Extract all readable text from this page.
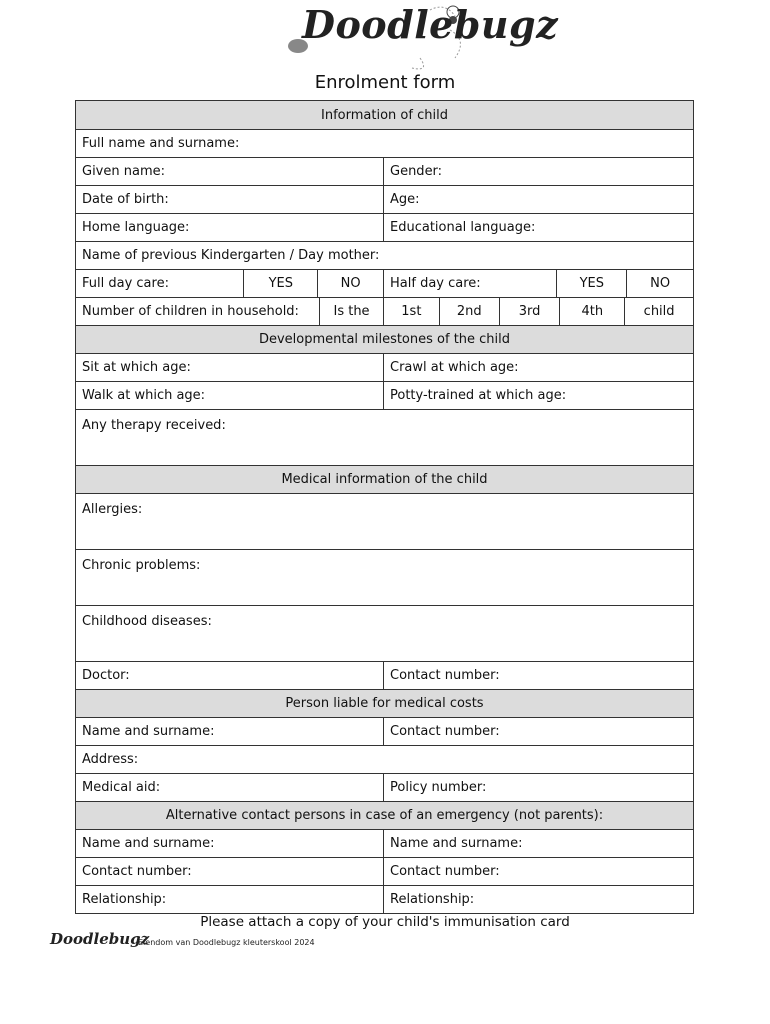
Doodlebugz
Enrolment form
Information of child
Full name and surname:
Given name:	Gender:
Date of birth:	Age:
Home language:	Educational language:
Name of previous Kindergarten / Day mother:
Full day care:	YES	NO	Half day care:	YES	NO
Number of children in household:	Is the	1st	2nd	3rd	4th	child
Developmental milestones of the child
Sit at which age:	Crawl at which age:
Walk at which age:	Potty-trained at which age:
Any therapy received:
Medical information of the child
Allergies:
Chronic problems:
Childhood diseases:
Doctor:	Contact number:
Person liable for medical costs
Name and surname:	Contact number:
Address:
Medical aid:	Policy number:
Alternative contact persons in case of an emergency (not parents):
Name and surname:	Name and surname:
Contact number:	Contact number:
Relationship:	Relationship:
Please attach a copy of your child's immunisation card
Doodlebugz
Eiendom van Doodlebugz kleuterskool 2024
